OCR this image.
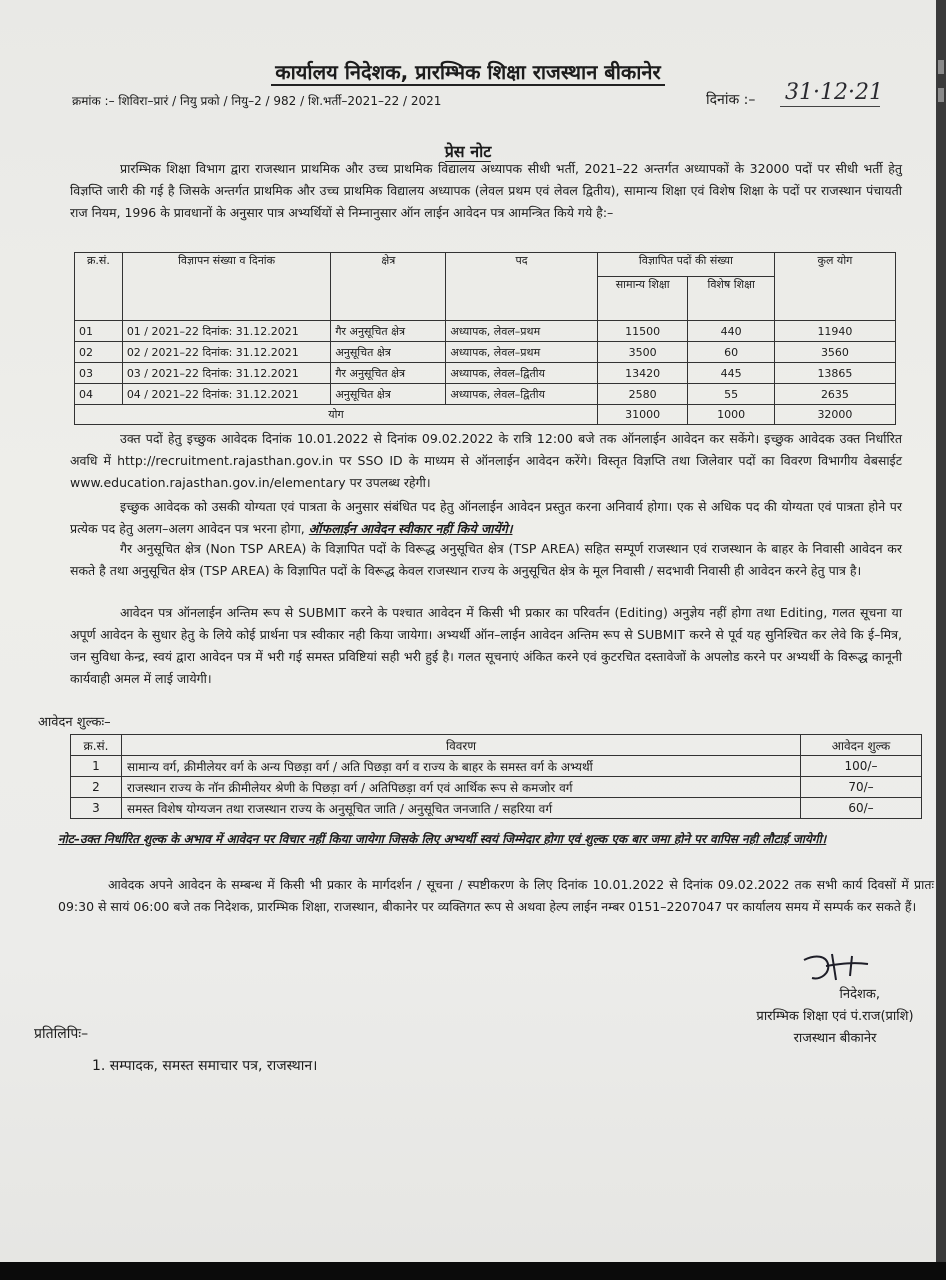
कार्यालय निदेशक, प्रारम्भिक शिक्षा राजस्थान बीकानेर
क्रमांक :– शिविरा–प्रारं / नियु प्रको / नियु–2 / 982 / शि.भर्ती–2021–22 / 2021	दिनांक :– 31·12·21
प्रेस नोट
प्रारम्भिक शिक्षा विभाग द्वारा राजस्थान प्राथमिक और उच्च प्राथमिक विद्यालय अध्यापक सीधी भर्ती, 2021–22 अन्तर्गत अध्यापकों के 32000 पदों पर सीधी भर्ती हेतु विज्ञप्ति जारी की गई है जिसके अन्तर्गत प्राथमिक और उच्च प्राथमिक विद्यालय अध्यापक (लेवल प्रथम एवं लेवल द्वितीय), सामान्य शिक्षा एवं विशेष शिक्षा के पदों पर राजस्थान पंचायती राज नियम, 1996 के प्रावधानों के अनुसार पात्र अभ्यर्थियों से निम्नानुसार ऑन लाईन आवेदन पत्र आमन्त्रित किये गये है:–
क्र.सं.	विज्ञापन संख्या व दिनांक	क्षेत्र	पद	विज्ञापित पदों की संख्या		कुल योग
				सामान्य शिक्षा	विशेष शिक्षा	
01	01 / 2021–22 दिनांक: 31.12.2021	गैर अनुसूचित क्षेत्र	अध्यापक, लेवल–प्रथम	11500	440	11940
02	02 / 2021–22 दिनांक: 31.12.2021	अनुसूचित क्षेत्र	अध्यापक, लेवल–प्रथम	3500	60	3560
03	03 / 2021–22 दिनांक: 31.12.2021	गैर अनुसूचित क्षेत्र	अध्यापक, लेवल–द्वितीय	13420	445	13865
04	04 / 2021–22 दिनांक: 31.12.2021	अनुसूचित क्षेत्र	अध्यापक, लेवल–द्वितीय	2580	55	2635
योग				31000	1000	32000
उक्त पदों हेतु इच्छुक आवेदक दिनांक 10.01.2022 से दिनांक 09.02.2022 के रात्रि 12:00 बजे तक ऑनलाईन आवेदन कर सकेंगे। इच्छुक आवेदक उक्त निर्धारित अवधि में http://recruitment.rajasthan.gov.in पर SSO ID के माध्यम से ऑनलाईन आवेदन करेंगे। विस्तृत विज्ञप्ति तथा जिलेवार पदों का विवरण विभागीय वेबसाईट www.education.rajasthan.gov.in/elementary पर उपलब्ध रहेगी।
इच्छुक आवेदक को उसकी योग्यता एवं पात्रता के अनुसार संबंधित पद हेतु ऑनलाईन आवेदन प्रस्तुत करना अनिवार्य होगा। एक से अधिक पद की योग्यता एवं पात्रता होने पर प्रत्येक पद हेतु अलग–अलग आवेदन पत्र भरना होगा, ऑफलाईन आवेदन स्वीकार नहीं किये जायेंगे।
गैर अनुसूचित क्षेत्र (Non TSP AREA) के विज्ञापित पदों के विरूद्ध अनुसूचित क्षेत्र (TSP AREA) सहित सम्पूर्ण राजस्थान एवं राजस्थान के बाहर के निवासी आवेदन कर सकते है तथा अनुसूचित क्षेत्र (TSP AREA) के विज्ञापित पदों के विरूद्ध केवल राजस्थान राज्य के अनुसूचित क्षेत्र के मूल निवासी / सदभावी निवासी ही आवेदन करने हेतु पात्र है।
आवेदन पत्र ऑनलाईन अन्तिम रूप से SUBMIT करने के पश्चात आवेदन में किसी भी प्रकार का परिवर्तन (Editing) अनुज्ञेय नहीं होगा तथा Editing, गलत सूचना या अपूर्ण आवेदन के सुधार हेतु के लिये कोई प्रार्थना पत्र स्वीकार नही किया जायेगा। अभ्यर्थी ऑन–लाईन आवेदन अन्तिम रूप से SUBMIT करने से पूर्व यह सुनिश्चित कर लेवे कि ई–मित्र, जन सुविधा केन्द्र, स्वयं द्वारा आवेदन पत्र में भरी गई समस्त प्रविष्टियां सही भरी हुई है। गलत सूचनाएं अंकित करने एवं कुटरचित दस्तावेजों के अपलोड करने पर अभ्यर्थी के विरूद्ध कानूनी कार्यवाही अमल में लाई जायेगी।
आवेदन शुल्कः–
क्र.सं.	विवरण	आवेदन शुल्क
1	सामान्य वर्ग, क्रीमीलेयर वर्ग के अन्य पिछड़ा वर्ग / अति पिछड़ा वर्ग व राज्य के बाहर के समस्त वर्ग के अभ्यर्थी	100/–
2	राजस्थान राज्य के नॉन क्रीमीलेयर श्रेणी के पिछड़ा वर्ग / अतिपिछड़ा वर्ग एवं आर्थिक रूप से कमजोर वर्ग	70/–
3	समस्त विशेष योग्यजन तथा राजस्थान राज्य के अनुसूचित जाति / अनुसूचित जनजाति / सहरिया वर्ग	60/–
नोट–उक्त निर्धारित शुल्क के अभाव में आवेदन पर विचार नहीं किया जायेगा जिसके लिए अभ्यर्थी स्वयं जिम्मेदार होगा एवं शुल्क एक बार जमा होने पर वापिस नही लौटाई जायेगी।
आवेदक अपने आवेदन के सम्बन्ध में किसी भी प्रकार के मार्गदर्शन / सूचना / स्पष्टीकरण के लिए दिनांक 10.01.2022 से दिनांक 09.02.2022 तक सभी कार्य दिवसों में प्रातः 09:30 से सायं 06:00 बजे तक निदेशक, प्रारम्भिक शिक्षा, राजस्थान, बीकानेर पर व्यक्तिगत रूप से अथवा हेल्प लाईन नम्बर 0151–2207047 पर कार्यालय समय में सम्पर्क कर सकते हैं।
निदेशक,
प्रारम्भिक शिक्षा एवं पं.राज(प्राशि)
राजस्थान बीकानेर
प्रतिलिपिः–
1. सम्पादक, समस्त समाचार पत्र, राजस्थान।
